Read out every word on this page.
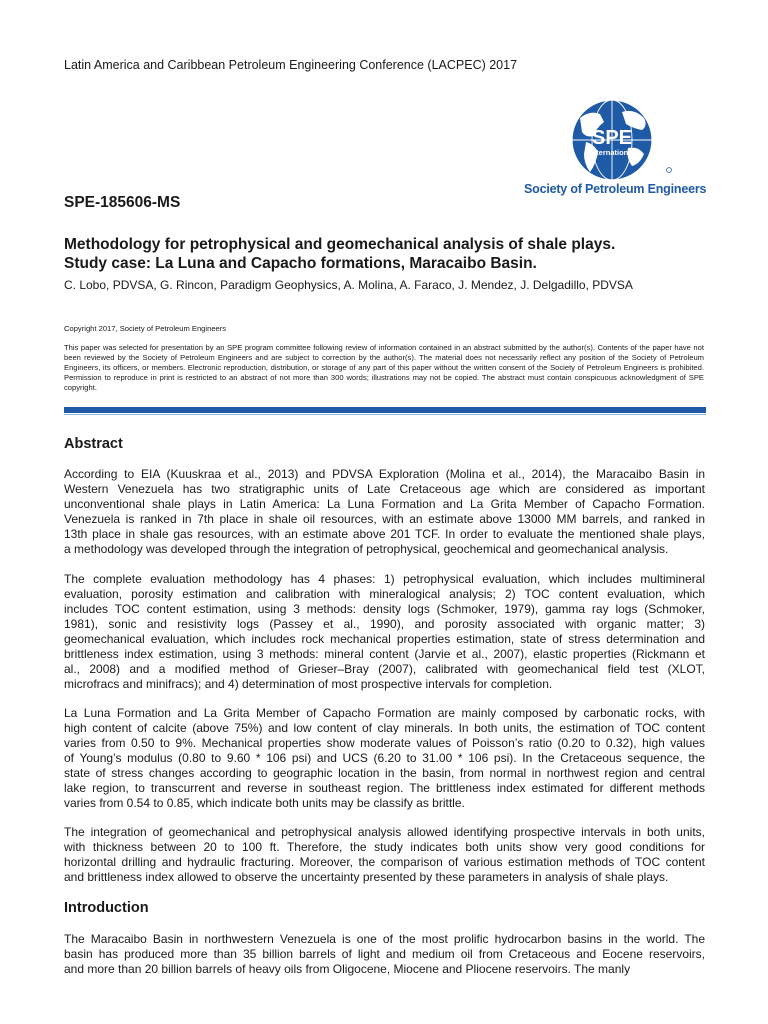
Latin America and Caribbean Petroleum Engineering Conference (LACPEC) 2017
SPE
International
Society of Petroleum Engineers
SPE-185606-MS
Methodology for petrophysical and geomechanical analysis of shale plays.
Study case: La Luna and Capacho formations, Maracaibo Basin.
C. Lobo, PDVSA, G. Rincon, Paradigm Geophysics, A. Molina, A. Faraco, J. Mendez, J. Delgadillo, PDVSA
Copyright 2017, Society of Petroleum Engineers
This paper was selected for presentation by an SPE program committee following review of information contained in an abstract submitted by the author(s). Contents of the paper have not been reviewed by the Society of Petroleum Engineers and are subject to correction by the author(s). The material does not necessarily reflect any position of the Society of Petroleum Engineers, its officers, or members. Electronic reproduction, distribution, or storage of any part of this paper without the written consent of the Society of Petroleum Engineers is prohibited. Permission to reproduce in print is restricted to an abstract of not more than 300 words; illustrations may not be copied. The abstract must contain conspicuous acknowledgment of SPE copyright.
Abstract
According to EIA (Kuuskraa et al., 2013) and PDVSA Exploration (Molina et al., 2014), the Maracaibo Basin in
Western Venezuela has two stratigraphic units of Late Cretaceous age which are considered as important
unconventional shale plays in Latin America: La Luna Formation and La Grita Member of Capacho Formation.
Venezuela is ranked in 7th place in shale oil resources, with an estimate above 13000 MM barrels, and ranked in
13th place in shale gas resources, with an estimate above 201 TCF. In order to evaluate the mentioned shale plays,
a methodology was developed through the integration of petrophysical, geochemical and geomechanical analysis.
The complete evaluation methodology has 4 phases: 1) petrophysical evaluation, which includes multimineral
evaluation, porosity estimation and calibration with mineralogical analysis; 2) TOC content evaluation, which
includes TOC content estimation, using 3 methods: density logs (Schmoker, 1979), gamma ray logs (Schmoker,
1981), sonic and resistivity logs (Passey et al., 1990), and porosity associated with organic matter; 3)
geomechanical evaluation, which includes rock mechanical properties estimation, state of stress determination and
brittleness index estimation, using 3 methods: mineral content (Jarvie et al., 2007), elastic properties (Rickmann et
al., 2008) and a modified method of Grieser–Bray (2007), calibrated with geomechanical field test (XLOT,
microfracs and minifracs); and 4) determination of most prospective intervals for completion.
La Luna Formation and La Grita Member of Capacho Formation are mainly composed by carbonatic rocks, with
high content of calcite (above 75%) and low content of clay minerals. In both units, the estimation of TOC content
varies from 0.50 to 9%. Mechanical properties show moderate values of Poisson’s ratio (0.20 to 0.32), high values
of Young’s modulus (0.80 to 9.60 * 106 psi) and UCS (6.20 to 31.00 * 106 psi). In the Cretaceous sequence, the
state of stress changes according to geographic location in the basin, from normal in northwest region and central
lake region, to transcurrent and reverse in southeast region. The brittleness index estimated for different methods
varies from 0.54 to 0.85, which indicate both units may be classify as brittle.
The integration of geomechanical and petrophysical analysis allowed identifying prospective intervals in both units,
with thickness between 20 to 100 ft. Therefore, the study indicates both units show very good conditions for
horizontal drilling and hydraulic fracturing. Moreover, the comparison of various estimation methods of TOC content
and brittleness index allowed to observe the uncertainty presented by these parameters in analysis of shale plays.
Introduction
The Maracaibo Basin in northwestern Venezuela is one of the most prolific hydrocarbon basins in the world. The
basin has produced more than 35 billion barrels of light and medium oil from Cretaceous and Eocene reservoirs,
and more than 20 billion barrels of heavy oils from Oligocene, Miocene and Pliocene reservoirs. The manly
